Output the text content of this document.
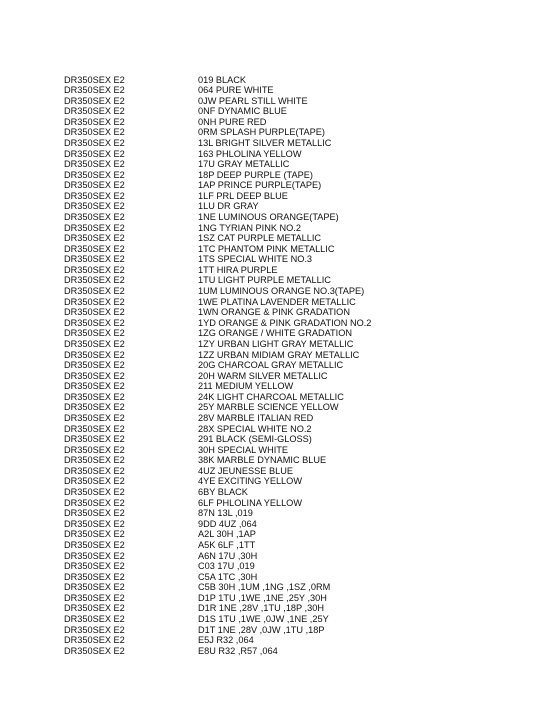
DR350SEX E2	019 BLACK
DR350SEX E2	064 PURE WHITE
DR350SEX E2	0JW PEARL STILL WHITE
DR350SEX E2	0NF DYNAMIC BLUE
DR350SEX E2	0NH PURE RED
DR350SEX E2	0RM SPLASH PURPLE(TAPE)
DR350SEX E2	13L BRIGHT SILVER METALLIC
DR350SEX E2	163 PHLOLINA YELLOW
DR350SEX E2	17U GRAY METALLIC
DR350SEX E2	18P DEEP PURPLE (TAPE)
DR350SEX E2	1AP PRINCE PURPLE(TAPE)
DR350SEX E2	1LF PRL DEEP BLUE
DR350SEX E2	1LU DR GRAY
DR350SEX E2	1NE LUMINOUS ORANGE(TAPE)
DR350SEX E2	1NG TYRIAN PINK NO.2
DR350SEX E2	1SZ CAT PURPLE METALLIC
DR350SEX E2	1TC PHANTOM PINK METALLIC
DR350SEX E2	1TS SPECIAL WHITE NO.3
DR350SEX E2	1TT HIRA PURPLE
DR350SEX E2	1TU LIGHT PURPLE METALLIC
DR350SEX E2	1UM LUMINOUS ORANGE NO.3(TAPE)
DR350SEX E2	1WE PLATINA LAVENDER METALLIC
DR350SEX E2	1WN ORANGE & PINK GRADATION
DR350SEX E2	1YD ORANGE & PINK GRADATION NO.2
DR350SEX E2	1ZG ORANGE / WHITE GRADATION
DR350SEX E2	1ZY URBAN LIGHT GRAY METALLIC
DR350SEX E2	1ZZ URBAN MIDIAM GRAY METALLIC
DR350SEX E2	20G CHARCOAL GRAY METALLIC
DR350SEX E2	20H WARM SILVER METALLIC
DR350SEX E2	211 MEDIUM YELLOW
DR350SEX E2	24K LIGHT CHARCOAL METALLIC
DR350SEX E2	25Y MARBLE SCIENCE YELLOW
DR350SEX E2	28V MARBLE ITALIAN RED
DR350SEX E2	28X SPECIAL WHITE NO.2
DR350SEX E2	291 BLACK (SEMI-GLOSS)
DR350SEX E2	30H SPECIAL WHITE
DR350SEX E2	38K MARBLE DYNAMIC BLUE
DR350SEX E2	4UZ JEUNESSE BLUE
DR350SEX E2	4YE EXCITING YELLOW
DR350SEX E2	6BY BLACK
DR350SEX E2	6LF PHLOLINA YELLOW
DR350SEX E2	87N 13L ,019
DR350SEX E2	9DD 4UZ ,064
DR350SEX E2	A2L 30H ,1AP
DR350SEX E2	A5K 6LF ,1TT
DR350SEX E2	A6N 17U ,30H
DR350SEX E2	C03 17U ,019
DR350SEX E2	C5A 1TC ,30H
DR350SEX E2	C5B 30H ,1UM ,1NG ,1SZ ,0RM
DR350SEX E2	D1P 1TU ,1WE ,1NE ,25Y ,30H
DR350SEX E2	D1R 1NE ,28V ,1TU ,18P ,30H
DR350SEX E2	D1S 1TU ,1WE ,0JW ,1NE ,25Y
DR350SEX E2	D1T 1NE ,28V ,0JW ,1TU ,18P
DR350SEX E2	E5J R32 ,064
DR350SEX E2	E8U R32 ,R57 ,064
